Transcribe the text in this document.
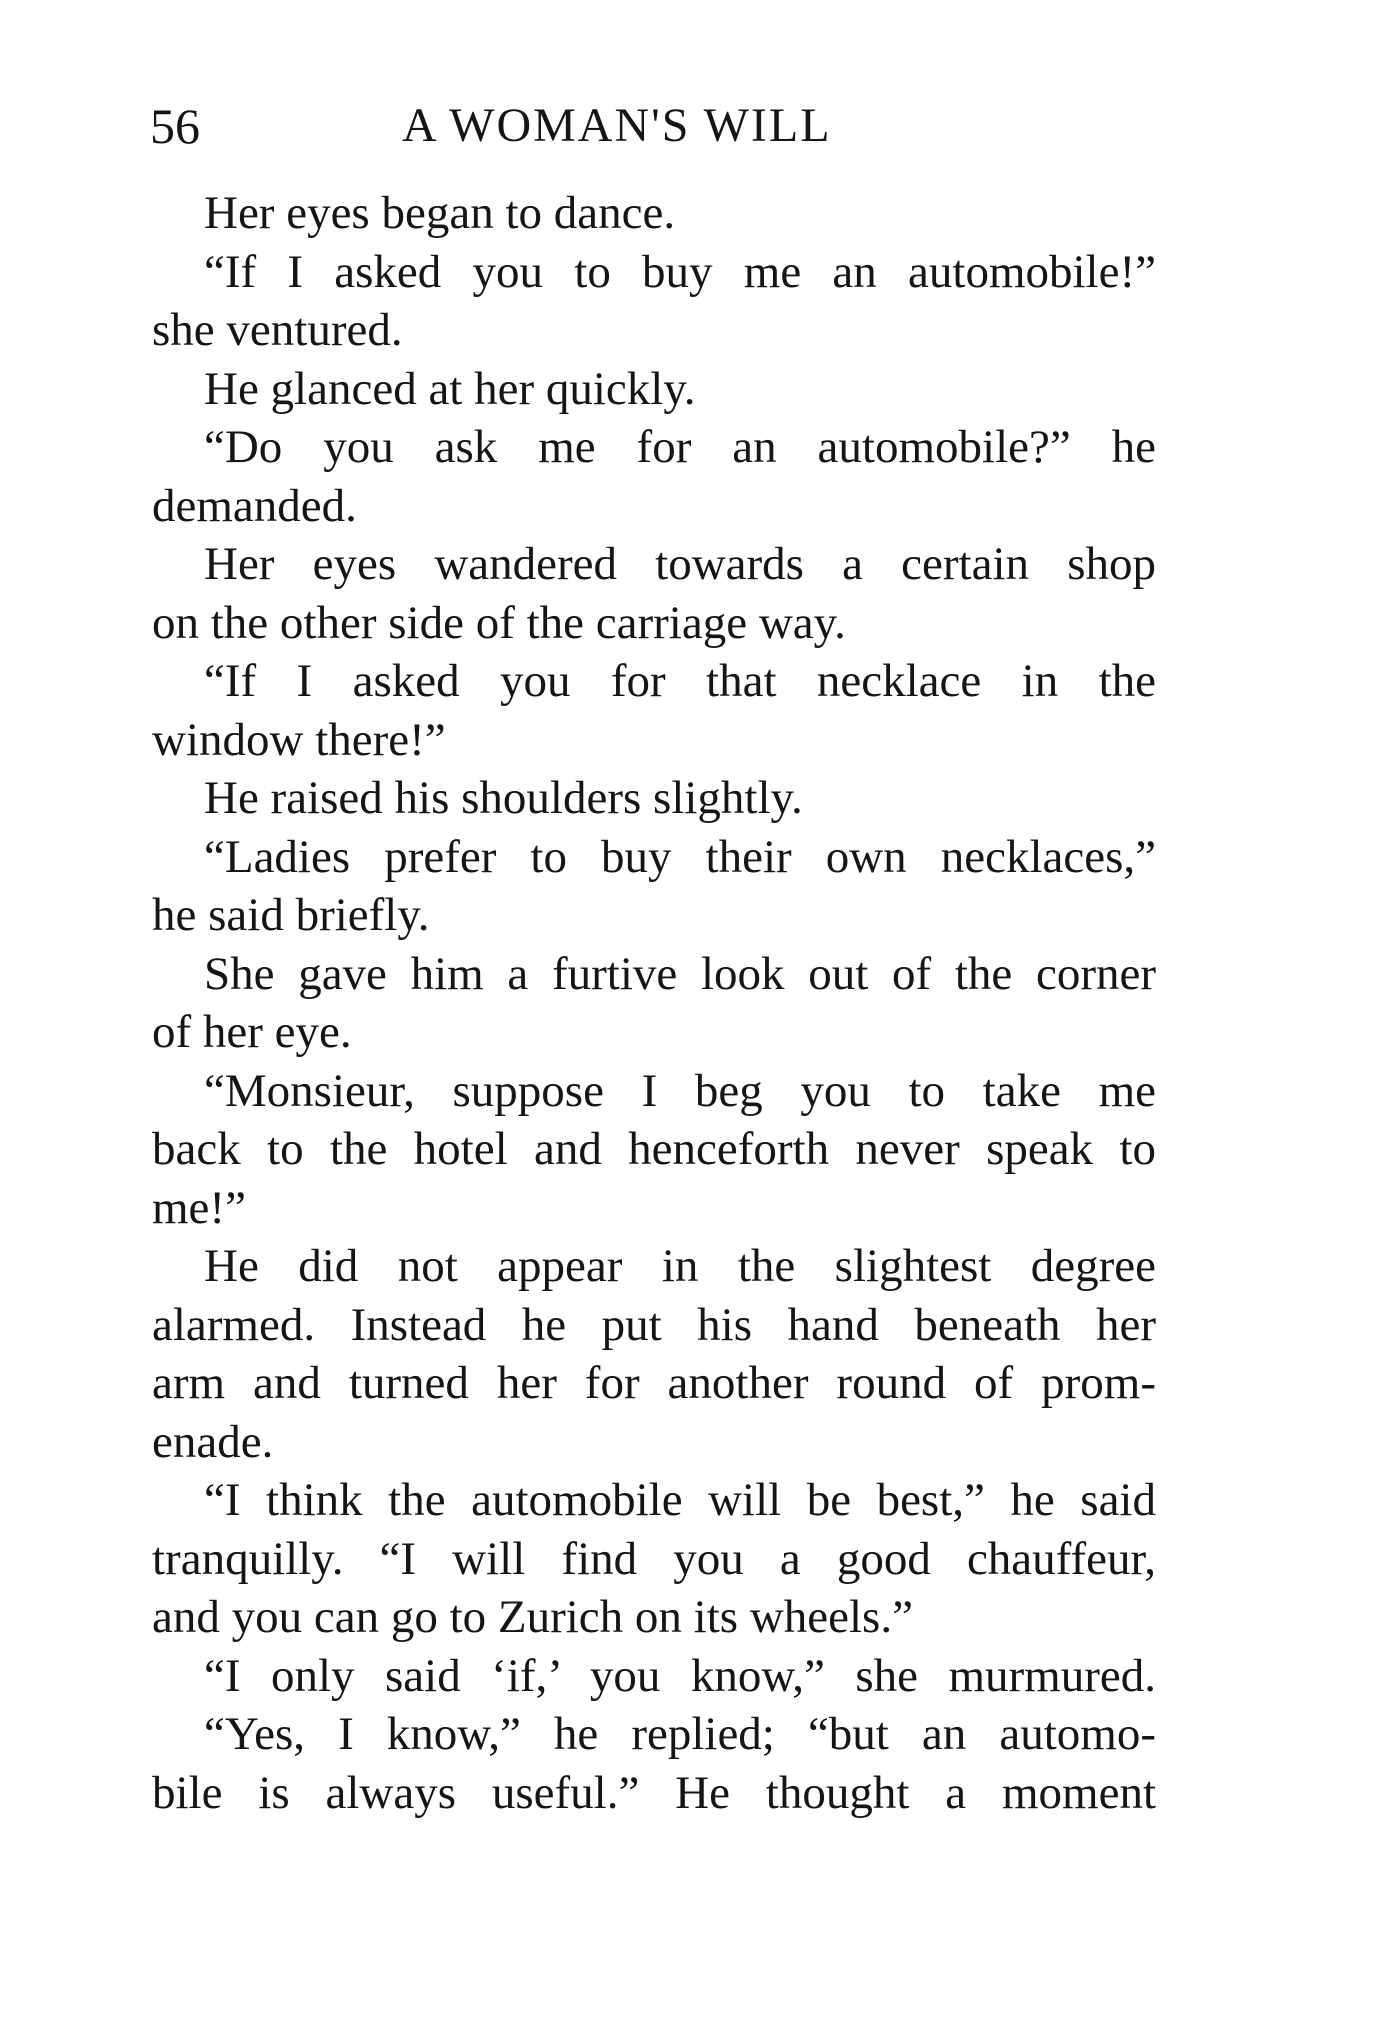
56	A WOMAN'S WILL
Her eyes began to dance.
“If I asked you to buy me an automobile!”
she ventured.
He glanced at her quickly.
“Do you ask me for an automobile?” he
demanded.
Her eyes wandered towards a certain shop
on the other side of the carriage way.
“If I asked you for that necklace in the
window there!”
He raised his shoulders slightly.
“Ladies prefer to buy their own necklaces,”
he said briefly.
She gave him a furtive look out of the corner
of her eye.
“Monsieur, suppose I beg you to take me
back to the hotel and henceforth never speak to
me!”
He did not appear in the slightest degree
alarmed. Instead he put his hand beneath her
arm and turned her for another round of prom-
enade.
“I think the automobile will be best,” he said
tranquilly. “I will find you a good chauffeur,
and you can go to Zurich on its wheels.”
“I only said ‘if,’ you know,” she murmured.
“Yes, I know,” he replied; “but an automo-
bile is always useful.” He thought a moment
